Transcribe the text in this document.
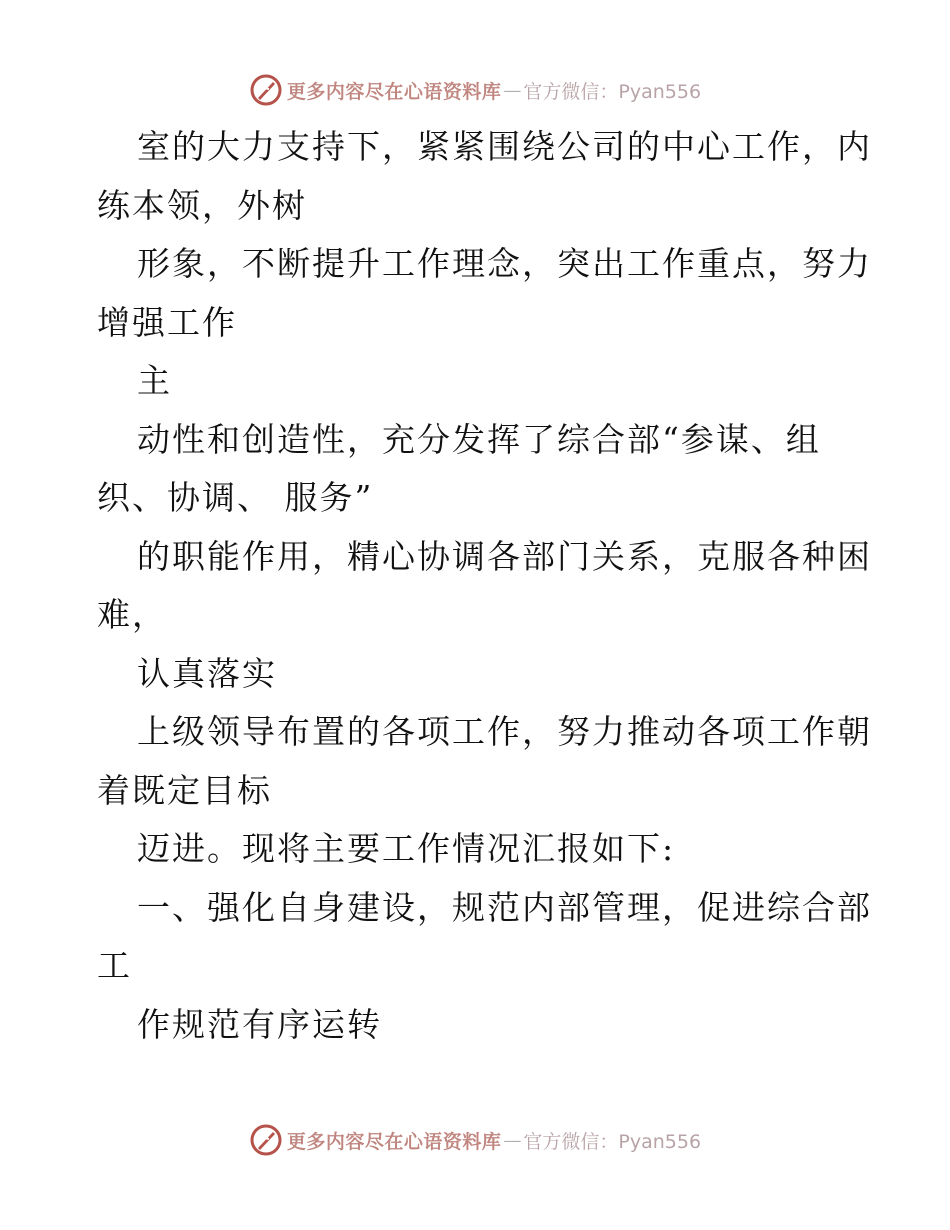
更多内容尽在心语资料库 — 官方微信：Pyan556
室的大力支持下，紧紧围绕公司的中心工作，内
练本领，外树
形象，不断提升工作理念，突出工作重点，努力
增强工作
主
动性和创造性，充分发挥了综合部“参谋、组
织、协调、 服务”
的职能作用，精心协调各部门关系，克服各种困
难，
认真落实
上级领导布置的各项工作，努力推动各项工作朝
着既定目标
迈进。现将主要工作情况汇报如下:
一、强化自身建设，规范内部管理，促进综合部
工
作规范有序运转
更多内容尽在心语资料库 — 官方微信：Pyan556
